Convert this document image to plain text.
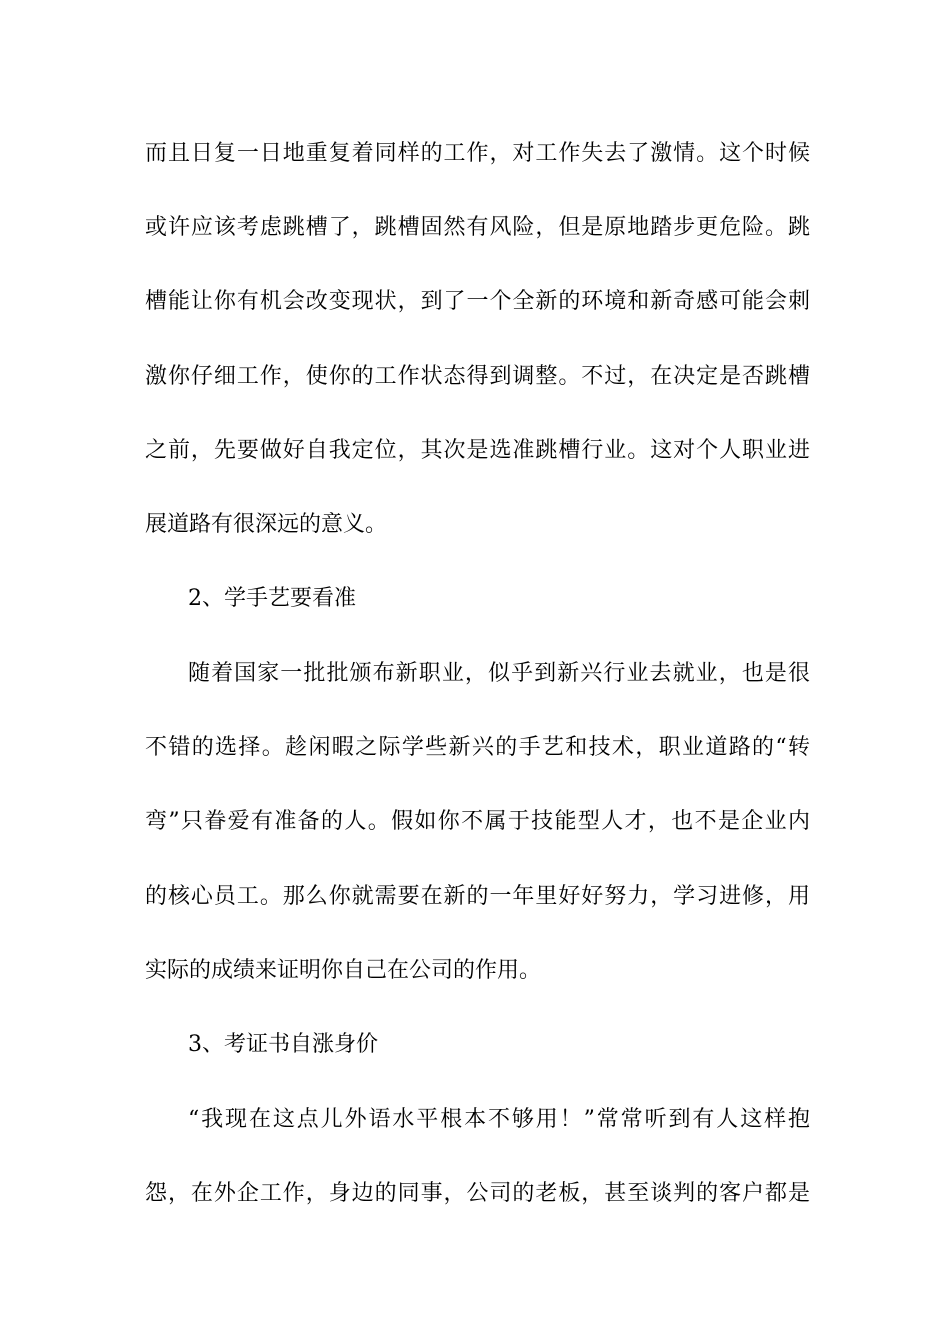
而且日复一日地重复着同样的工作，对工作失去了激情。这个时候
或许应该考虑跳槽了，跳槽固然有风险，但是原地踏步更危险。跳
槽能让你有机会改变现状，到了一个全新的环境和新奇感可能会刺
激你仔细工作，使你的工作状态得到调整。不过，在决定是否跳槽
之前，先要做好自我定位，其次是选准跳槽行业。这对个人职业进
展道路有很深远的意义。
2、学手艺要看准
随着国家一批批颁布新职业，似乎到新兴行业去就业，也是很
不错的选择。趁闲暇之际学些新兴的手艺和技术，职业道路的“转
弯”只眷爱有准备的人。假如你不属于技能型人才，也不是企业内
的核心员工。那么你就需要在新的一年里好好努力，学习进修，用
实际的成绩来证明你自己在公司的作用。
3、考证书自涨身价
“我现在这点儿外语水平根本不够用！”常常听到有人这样抱
怨，在外企工作，身边的同事，公司的老板，甚至谈判的客户都是
